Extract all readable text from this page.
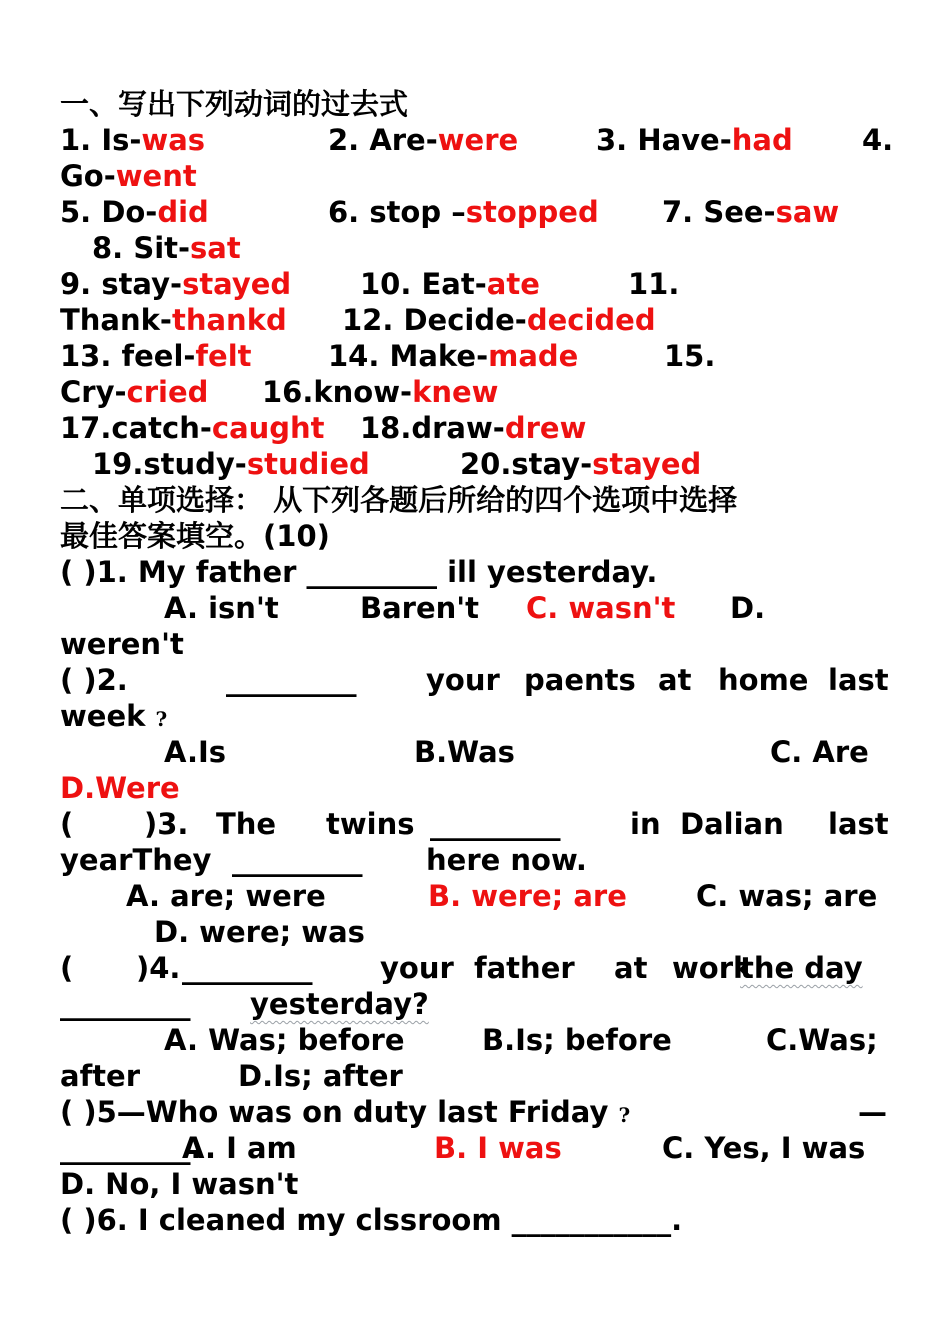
一、写出下列动词的过去式
1. Is-was	2. Are-were	3. Have-had 4.
Go-went
5. Do-did	6. stop –stopped 7. See-saw
8. Sit-sat
9. stay-stayed 10. Eat-ate	11.
Thank-thankd 12. Decide-decided
13. feel-felt	14. Make-made	15.
Cry-cried 16.know-knew
17.catch-caught 18.draw-drew
19.study-studied	20.stay-stayed
二、单项选择： 从下列各题后所给的四个选项中选择
最佳答案填空。(10)
( )1. My father _________ ill yesterday.
A. isn't	Baren't C. wasn't D.
weren't
( )2.	_________ your paents at home last
week ?
A.Is	B.Was	C. Are
D.Were
( )3. The twins _________ in Dalian last
yearThey _________ here now.
A. are; were	B. were; are C. was; are
D. were; was
( )4. _________ your father at work
the day
_________ yesterday?
A. Was; before	B.Is; before	C.Was;
after	D.Is; after
( )5—Who was on duty last Friday ?	—
_________.
A. I am	B. I was	C. Yes, I was
D. No, I wasn't
( )6. I cleaned my clssroom ___________.
